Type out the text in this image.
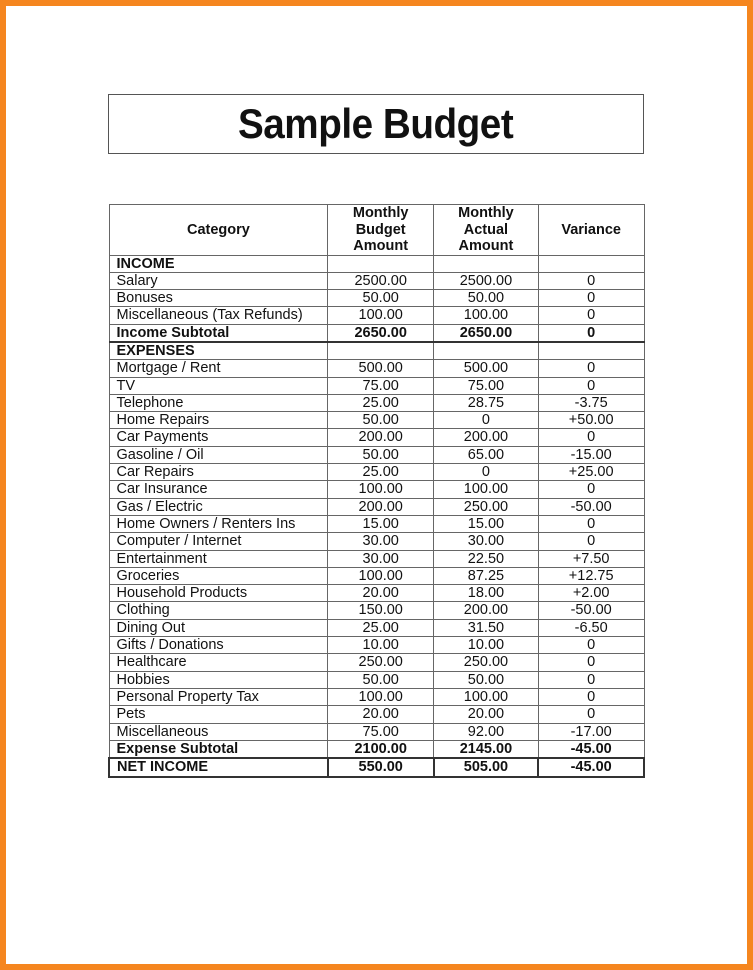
Sample Budget
Category	Monthly Budget Amount	Monthly Actual Amount	Variance
INCOME			
Salary	2500.00	2500.00	0
Bonuses	50.00	50.00	0
Miscellaneous (Tax Refunds)	100.00	100.00	0
Income Subtotal	2650.00	2650.00	0
EXPENSES			
Mortgage / Rent	500.00	500.00	0
TV	75.00	75.00	0
Telephone	25.00	28.75	-3.75
Home Repairs	50.00	0	+50.00
Car Payments	200.00	200.00	0
Gasoline / Oil	50.00	65.00	-15.00
Car Repairs	25.00	0	+25.00
Car Insurance	100.00	100.00	0
Gas / Electric	200.00	250.00	-50.00
Home Owners / Renters Ins	15.00	15.00	0
Computer / Internet	30.00	30.00	0
Entertainment	30.00	22.50	+7.50
Groceries	100.00	87.25	+12.75
Household Products	20.00	18.00	+2.00
Clothing	150.00	200.00	-50.00
Dining Out	25.00	31.50	-6.50
Gifts / Donations	10.00	10.00	0
Healthcare	250.00	250.00	0
Hobbies	50.00	50.00	0
Personal Property Tax	100.00	100.00	0
Pets	20.00	20.00	0
Miscellaneous	75.00	92.00	-17.00
Expense Subtotal	2100.00	2145.00	-45.00
NET INCOME	550.00	505.00	-45.00
